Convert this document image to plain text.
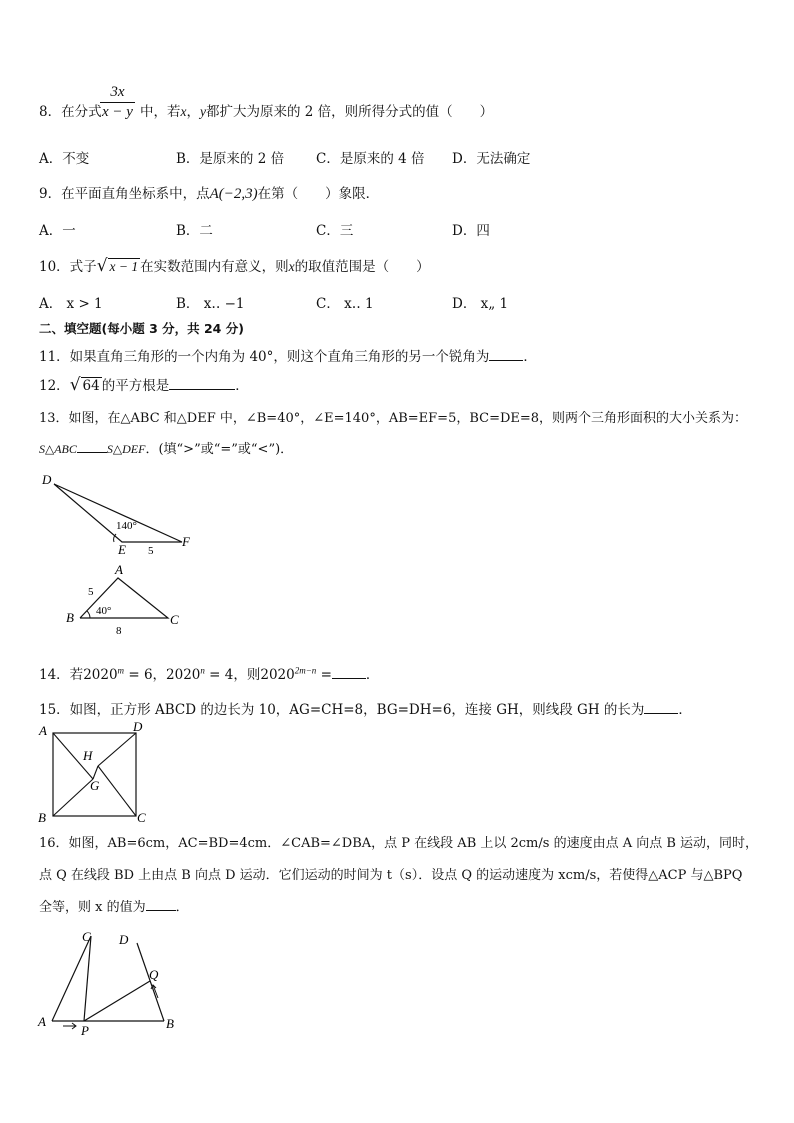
8．在分式
3x
x − y 中，若x，y都扩大为原来的 2 倍，则所得分式的值（　　）
A．不变	B．是原来的 2 倍 C．是原来的 4 倍 D．无法确定
9．在平面直角坐标系中，点A(−2,3)在第（　　）象限．
A．一	B．二	C．三	D．四
10．式子√ x − 1 在实数范围内有意义，则x的取值范围是（　　）
A． x > 1	B． x‥ −1	C． x‥ 1	D． x„ 1
二、填空题(每小题 3 分，共 24 分)
11．如果直角三角形的一个内角为 40°，则这个直角三角形的另一个锐角为	．
12．√ 64 的平方根是	．
13．如图，在△ABC 和△DEF 中，∠B=40°，∠E=140°，AB=EF=5，BC=DE=8，则两个三角形面积的大小关系为：
S△ABC	S△DEF．(填“>”或“=”或“<”)．
D
E
F
140°
5
A
B	C
40°
5
8
14．若$2020^m = 6$，$2020^n = 4$，则$2020^{2m-n}$ =	．
15．如图，正方形 ABCD 的边长为 10，AG=CH=8，BG=DH=6，连接 GH，则线段 GH 的长为	．
A
B	C
D
G
H
16．如图，AB=6cm，AC=BD=4cm．∠CAB=∠DBA，点 P 在线段 AB 上以 2cm/s 的速度由点 A 向点 B 运动，同时，
点 Q 在线段 BD 上由点 B 向点 D 运动．它们运动的时间为 t（s）．设点 Q 的运动速度为 xcm/s，若使得△ACP 与△BPQ
全等，则 x 的值为 ．
A	B
C D
P
Q
